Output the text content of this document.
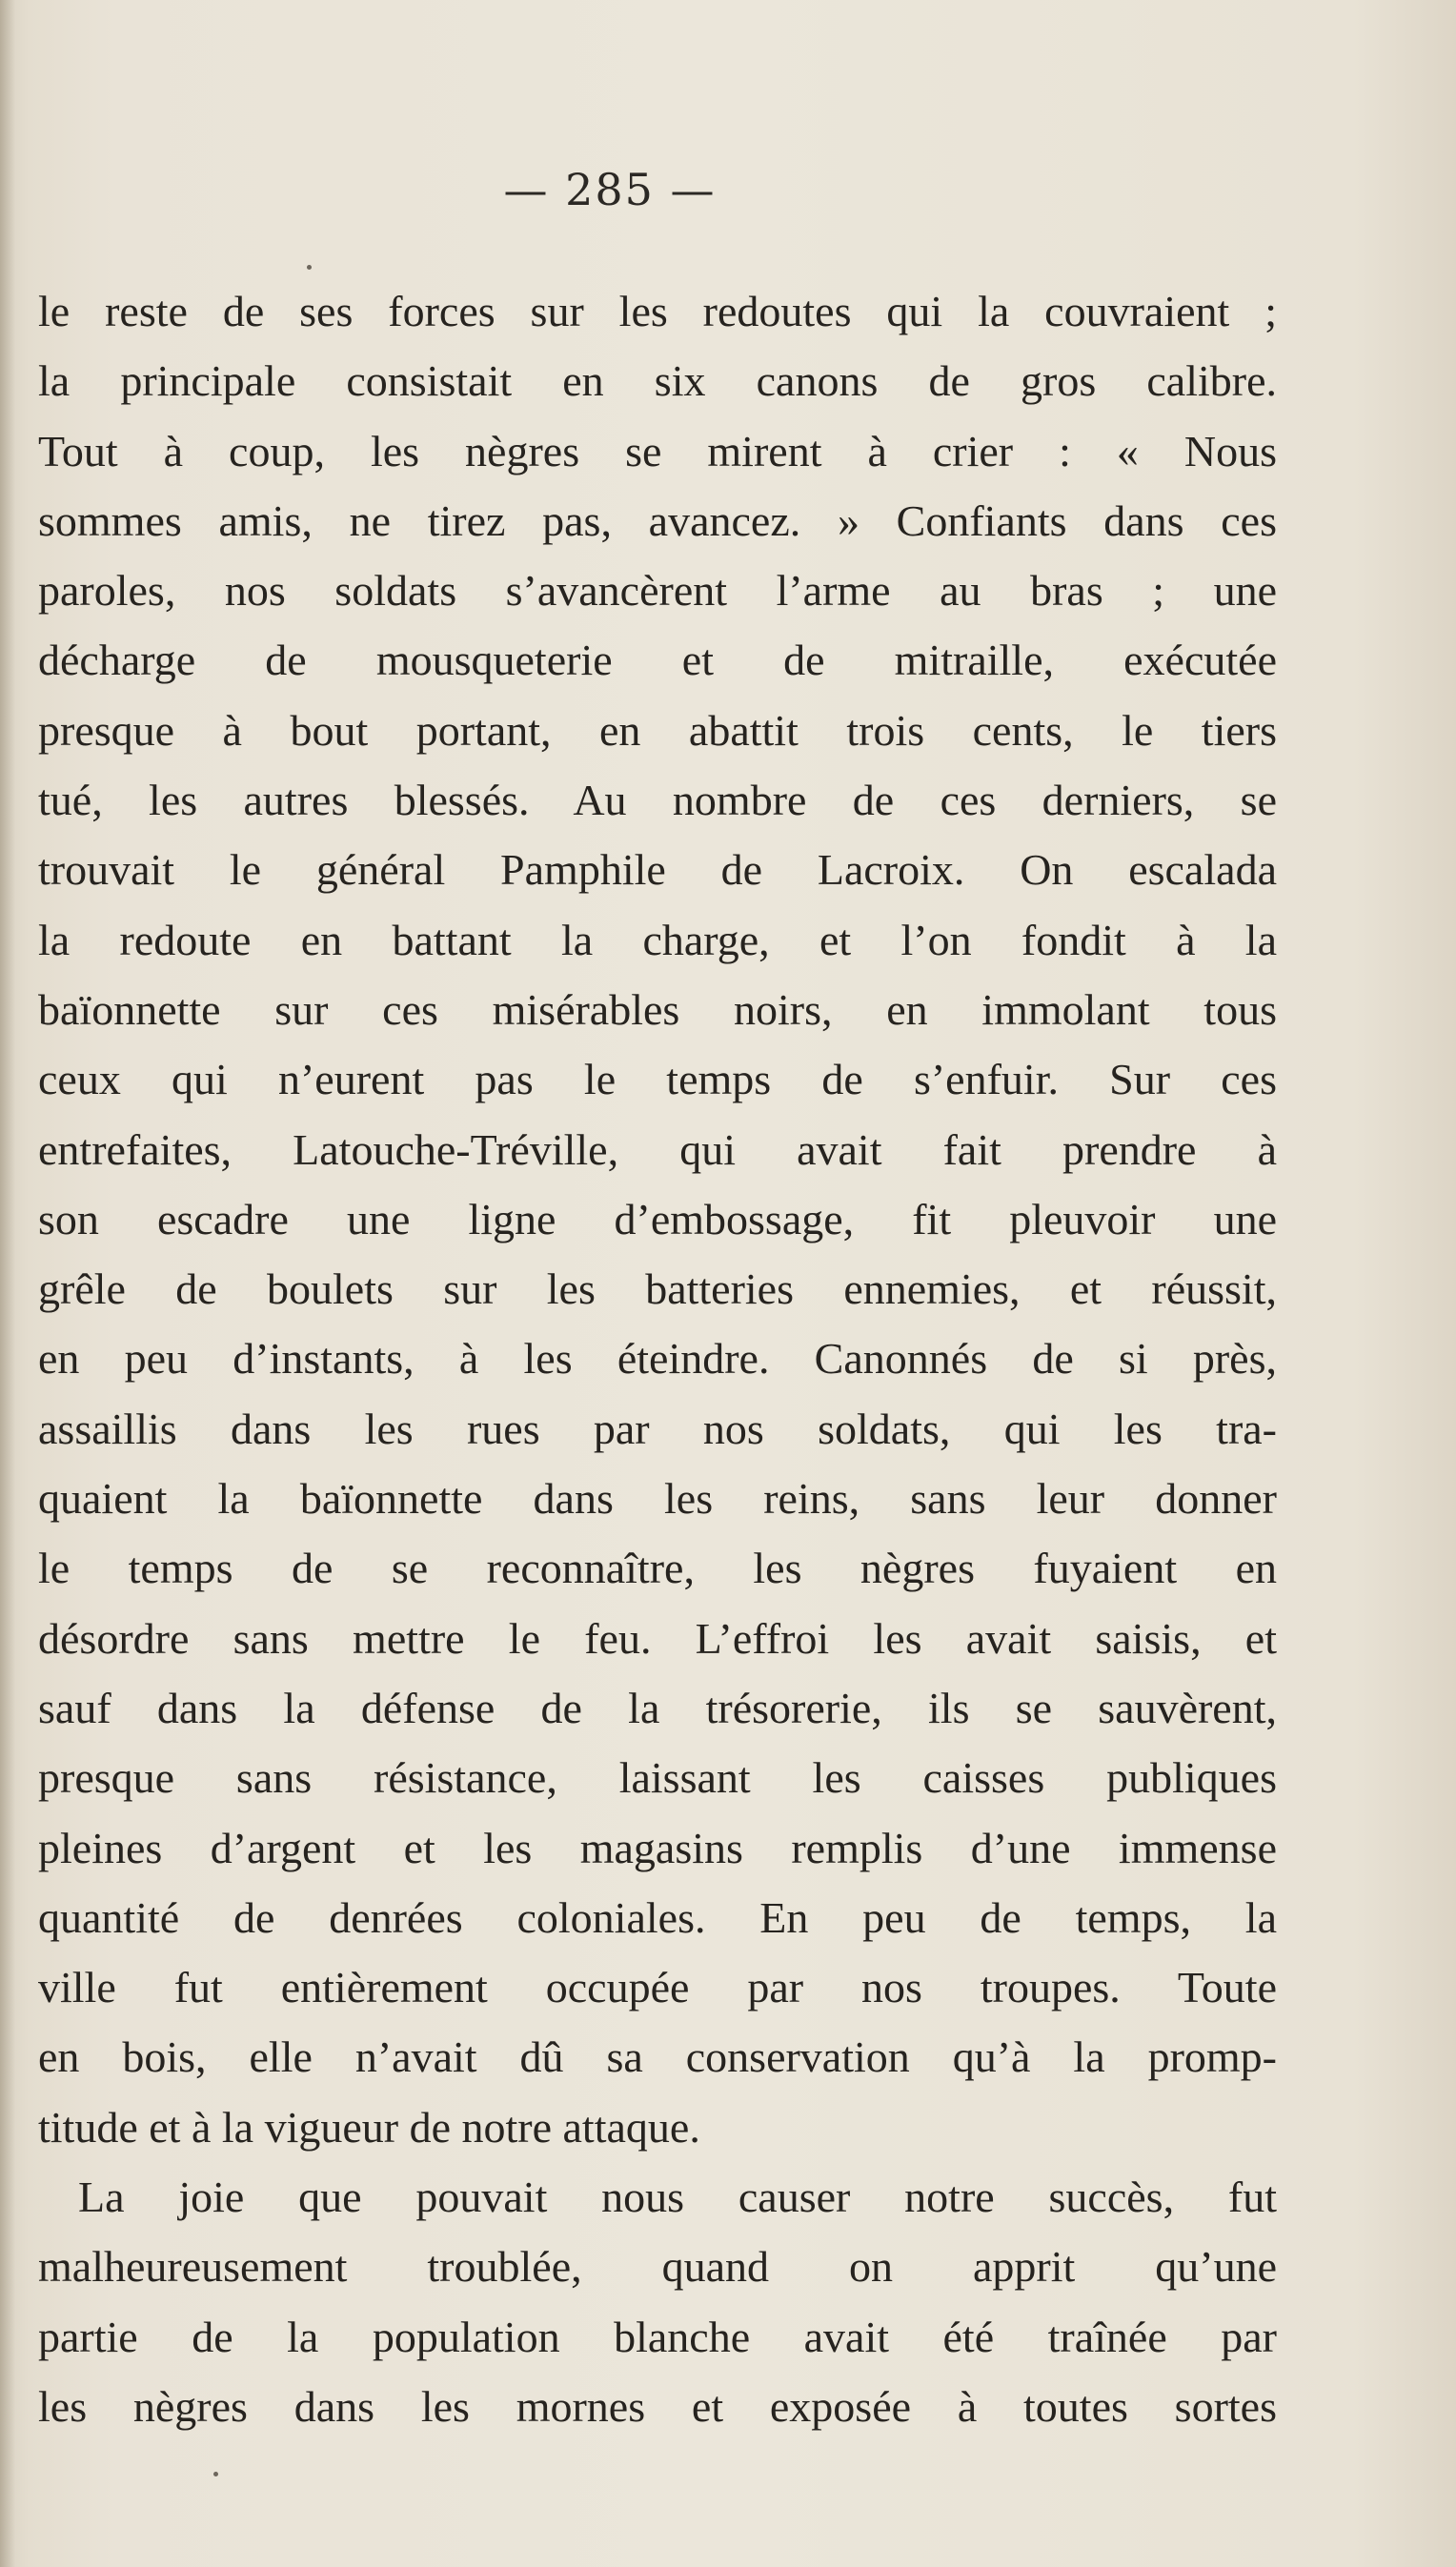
— 285 —
le reste de ses forces sur les redoutes qui la couvraient ;
la principale consistait en six canons de gros calibre.
Tout à coup, les nègres se mirent à crier : « Nous
sommes amis, ne tirez pas, avancez. » Confiants dans ces
paroles, nos soldats s’avancèrent l’arme au bras ; une
décharge de mousqueterie et de mitraille, exécutée
presque à bout portant, en abattit trois cents, le tiers
tué, les autres blessés. Au nombre de ces derniers, se
trouvait le général Pamphile de Lacroix. On escalada
la redoute en battant la charge, et l’on fondit à la
baïonnette sur ces misérables noirs, en immolant tous
ceux qui n’eurent pas le temps de s’enfuir. Sur ces
entrefaites, Latouche-Tréville, qui avait fait prendre à
son escadre une ligne d’embossage, fit pleuvoir une
grêle de boulets sur les batteries ennemies, et réussit,
en peu d’instants, à les éteindre. Canonnés de si près,
assaillis dans les rues par nos soldats, qui les tra-
quaient la baïonnette dans les reins, sans leur donner
le temps de se reconnaître, les nègres fuyaient en
désordre sans mettre le feu. L’effroi les avait saisis, et
sauf dans la défense de la trésorerie, ils se sauvèrent,
presque sans résistance, laissant les caisses publiques
pleines d’argent et les magasins remplis d’une immense
quantité de denrées coloniales. En peu de temps, la
ville fut entièrement occupée par nos troupes. Toute
en bois, elle n’avait dû sa conservation qu’à la promp-
titude et à la vigueur de notre attaque.
La joie que pouvait nous causer notre succès, fut
malheureusement troublée, quand on apprit qu’une
partie de la population blanche avait été traînée par
les nègres dans les mornes et exposée à toutes sortes
